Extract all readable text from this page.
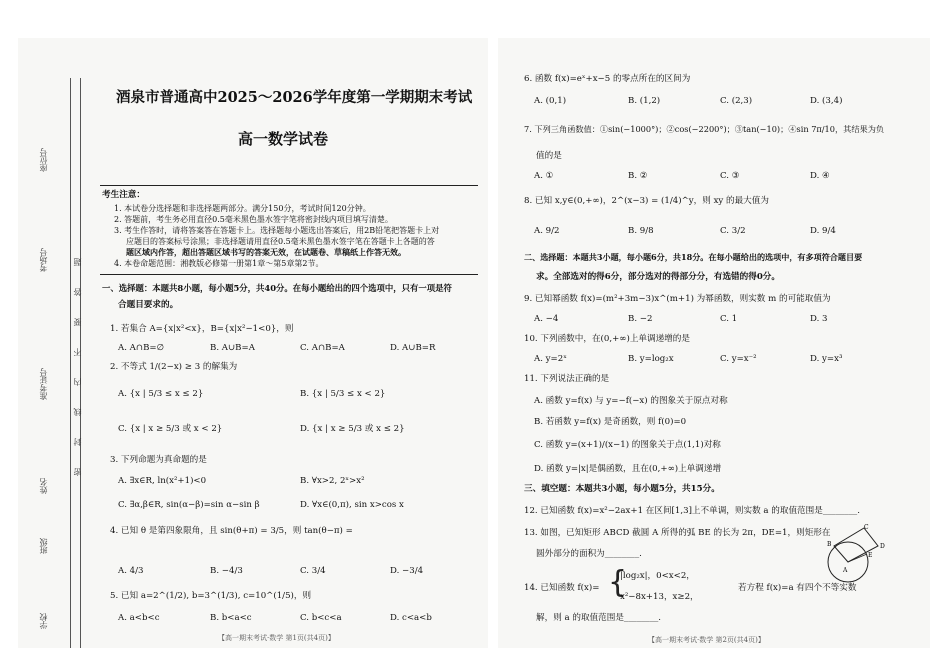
座位号
考场号
准考证号
姓名
班级
学校
题
答
要
不
内
线
封
密
酒泉市普通高中2025～2026学年度第一学期期末考试
高一数学试卷
考生注意：
1. 本试卷分选择题和非选择题两部分。满分150分，考试时间120分钟。
2. 答题前，考生务必用直径0.5毫米黑色墨水签字笔将密封线内项目填写清楚。
3. 考生作答时，请将答案答在答题卡上。选择题每小题选出答案后，用2B铅笔把答题卡上对
应题目的答案标号涂黑；非选择题请用直径0.5毫米黑色墨水签字笔在答题卡上各题的答
题区域内作答，超出答题区域书写的答案无效，在试题卷、草稿纸上作答无效。
4. 本卷命题范围：湘教版必修第一册第1章～第5章第2节。
一、选择题：本题共8小题，每小题5分，共40分。在每小题给出的四个选项中，只有一项是符
合题目要求的。
1. 若集合 A={x|x²<x}，B={x|x²−1<0}，则
A. A∩B=∅	B. A∪B=A	C. A∩B=A	D. A∪B=R
2. 不等式 1/(2−x) ≥ 3 的解集为
A. {x | 5/3 ≤ x ≤ 2}	B. {x | 5/3 ≤ x < 2}
C. {x | x ≥ 5/3 或 x < 2}	D. {x | x ≥ 5/3 或 x ≤ 2}
3. 下列命题为真命题的是
A. ∃x∈R, ln(x²+1)<0	B. ∀x>2, 2ˣ>x²
C. ∃α,β∈R, sin(α−β)=sin α−sin β	D. ∀x∈(0,π), sin x>cos x
4. 已知 θ 是第四象限角，且 sin(θ+π) = 3/5，则 tan(θ−π) =
A. 4/3	B. −4/3	C. 3/4	D. −3/4
5. 已知 a=2^(1/2), b=3^(1/3), c=10^(1/5)，则
A. a<b<c	B. b<a<c	C. b<c<a	D. c<a<b
【高一期末考试·数学 第1页(共4页)】
6. 函数 f(x)=eˣ+x−5 的零点所在的区间为
A. (0,1)	B. (1,2)	C. (2,3)	D. (3,4)
7. 下列三角函数值：①sin(−1000°)；②cos(−2200°)；③tan(−10)；④sin 7π/10，其结果为负
值的是
A. ①	B. ②	C. ③	D. ④
8. 已知 x,y∈(0,+∞)，2^(x−3) = (1/4)^y，则 xy 的最大值为
A. 9/2	B. 9/8	C. 3/2	D. 9/4
二、选择题：本题共3小题，每小题6分，共18分。在每小题给出的选项中，有多项符合题目要
求。全部选对的得6分，部分选对的得部分分，有选错的得0分。
9. 已知幂函数 f(x)=(m²+3m−3)x^(m+1) 为幂函数，则实数 m 的可能取值为
A. −4	B. −2	C. 1	D. 3
10. 下列函数中，在(0,+∞)上单调递增的是
A. y=2ˣ	B. y=log₂x	C. y=x⁻²	D. y=x³
11. 下列说法正确的是
A. 函数 y=f(x) 与 y=−f(−x) 的图象关于原点对称
B. 若函数 y=f(x) 是奇函数，则 f(0)=0
C. 函数 y=(x+1)/(x−1) 的图象关于点(1,1)对称
D. 函数 y=|x|是偶函数，且在(0,+∞)上单调递增
三、填空题：本题共3小题，每小题5分，共15分。
12. 已知函数 f(x)=x²−2ax+1 在区间[1,3]上不单调，则实数 a 的取值范围是________.
13. 如图，已知矩形 ABCD 截圆 A 所得的弧 BE 的长为 2π，DE=1，则矩形在
圆外部分的面积为________.
A
B
C
D
E
14. 已知函数 f(x)= {
|log₂x|，0<x<2，
x²−8x+13，x≥2，
若方程 f(x)=a 有四个不等实数
解，则 a 的取值范围是________.
【高一期末考试·数学 第2页(共4页)】
